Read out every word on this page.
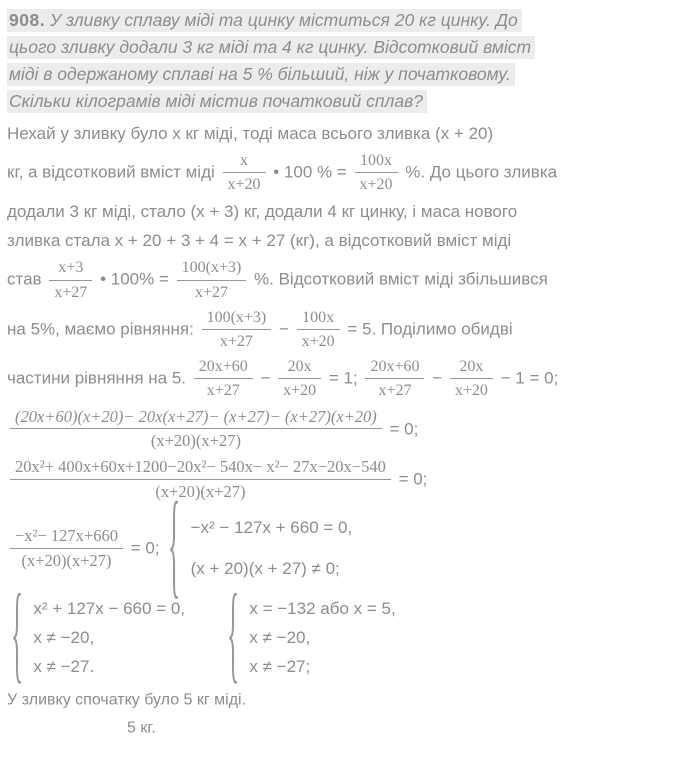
908. У зливку сплаву міді та цинку міститься 20 кг цинку. До
цього зливку додали 3 кг міді та 4 кг цинку. Відсотковий вміст
міді в одержаному сплаві на 5 % більший, ніж у початковому.
Скільки кілограмів міді містив початковий сплав?
Нехай у зливку було x кг міді, тоді маса всього зливка (x + 20)
кг, а відсотковий вміст міді $\frac{x}{x+20}$ • 100 % = $\frac{100x}{x+20}$ %. До цього зливка
додали 3 кг міді, стало (x + 3) кг, додали 4 кг цинку, і маса нового
зливка стала x + 20 + 3 + 4 = x + 27 (кг), а відсотковий вміст міді
став $\frac{x+3}{x+27}$ • $100\% = \frac{100(x+3)}{x+27}$ %. Відсотковий вміст міді збільшився
на 5%, маємо рівняння: $\frac{100(x+3)}{x+27} - \frac{100x}{x+20} = 5$. Поділимо обидві
частини рівняння на 5. $\frac{20x+60}{x+27} - \frac{20x}{x+20} = 1$; $\frac{20x+60}{x+27} - \frac{20x}{x+20} - 1 = 0$;
$\frac{(20x+60)(x+20)- 20x(x+27)- (x+27)- (x+27)(x+20)}{(x+20)(x+27)} = 0$;
$\frac{\text{20x²+ 400x+60x+1200−20x²− 540x− x²− 27x−20x−540}}{(x+20)(x+27)} = 0$;
$\frac{\text{−x²− 127x+660}}{(x+20)(x+27)} = 0$; { −x² − 127x + 660 = 0,
(x + 20)(x + 27) ≠ 0;
{ x² + 127x − 660 = 0,
x ≠ −20,
x ≠ −27.	{ x = −132 або x = 5,
x ≠ −20,
x ≠ −27;
У зливку спочатку було 5 кг міді.
5 кг.
